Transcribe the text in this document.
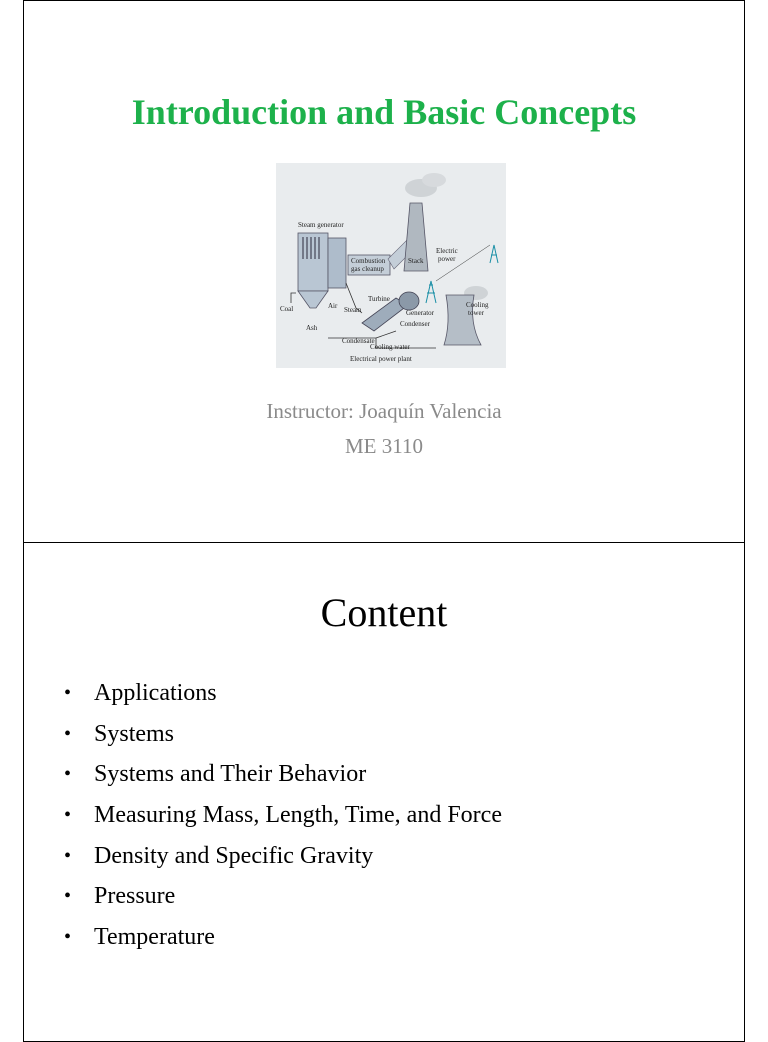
Introduction and Basic Concepts
Steam generator
Combustion
gas cleanup
Stack
Electric
power
Turbine
Coal	Air Steam	Generator
Cooling
tower
Condenser
Ash
Condensate
Cooling water
Electrical power plant
Instructor: Joaquín Valencia
ME 3110
Content
• Applications
• Systems
• Systems and Their Behavior
• Measuring Mass, Length, Time, and Force
• Density and Specific Gravity
• Pressure
• Temperature
